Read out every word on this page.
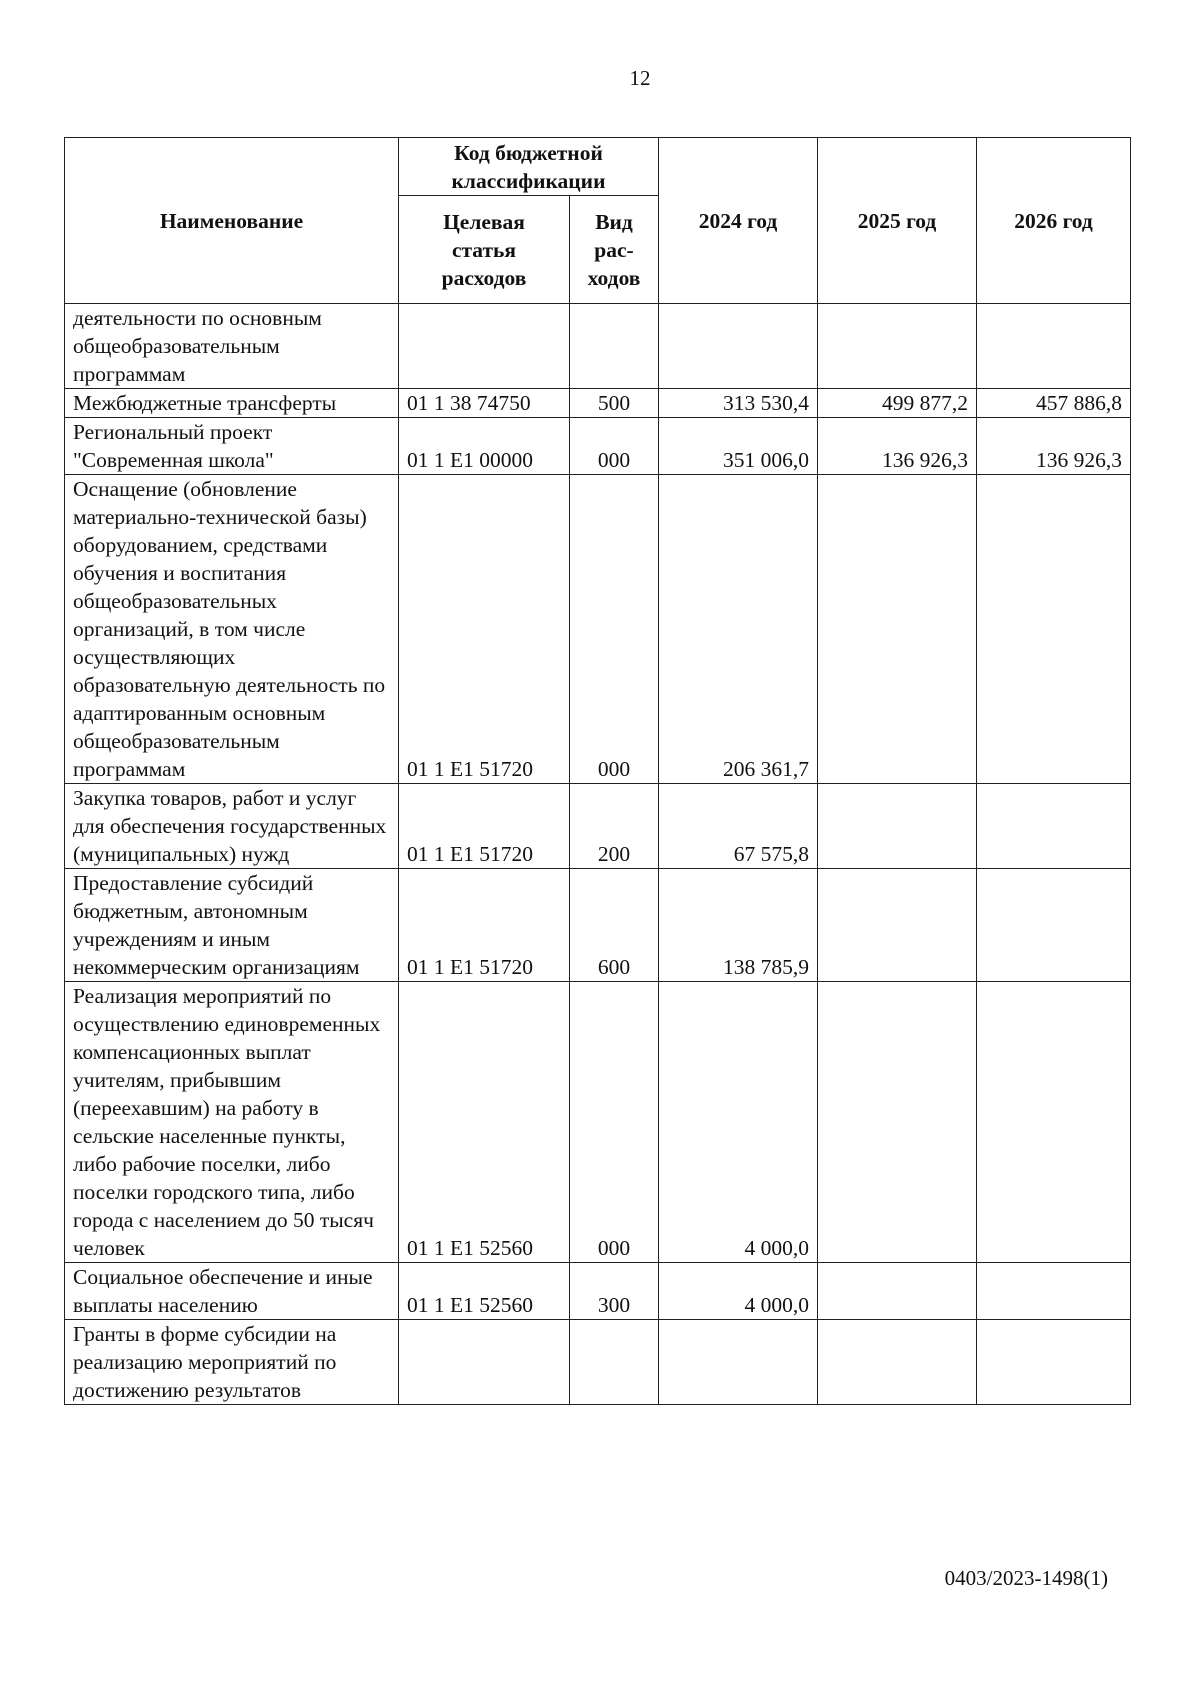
12
Наименование	Код бюджетной классификации		2024 год	2025 год	2026 год
	Целевая статья расходов	Вид рас-ходов			
деятельности по основным общеобразовательным программам					
Межбюджетные трансферты	01 1 38 74750	500	313 530,4	499 877,2	457 886,8
Региональный проект "Современная школа"	01 1 E1 00000	000	351 006,0	136 926,3	136 926,3
Оснащение (обновление материально-технической базы) оборудованием, средствами обучения и воспитания общеобразовательных организаций, в том числе осуществляющих образовательную деятельность по адаптированным основным общеобразовательным программам	01 1 E1 51720	000	206 361,7		
Закупка товаров, работ и услуг для обеспечения государственных (муниципальных) нужд	01 1 E1 51720	200	67 575,8		
Предоставление субсидий бюджетным, автономным учреждениям и иным некоммерческим организациям	01 1 E1 51720	600	138 785,9		
Реализация мероприятий по осуществлению единовременных компенсационных выплат учителям, прибывшим (переехавшим) на работу в сельские населенные пункты, либо рабочие поселки, либо поселки городского типа, либо города с населением до 50 тысяч человек	01 1 E1 52560	000	4 000,0		
Социальное обеспечение и иные выплаты населению	01 1 E1 52560	300	4 000,0		
Гранты в форме субсидии на реализацию мероприятий по достижению результатов					
0403/2023-1498(1)
